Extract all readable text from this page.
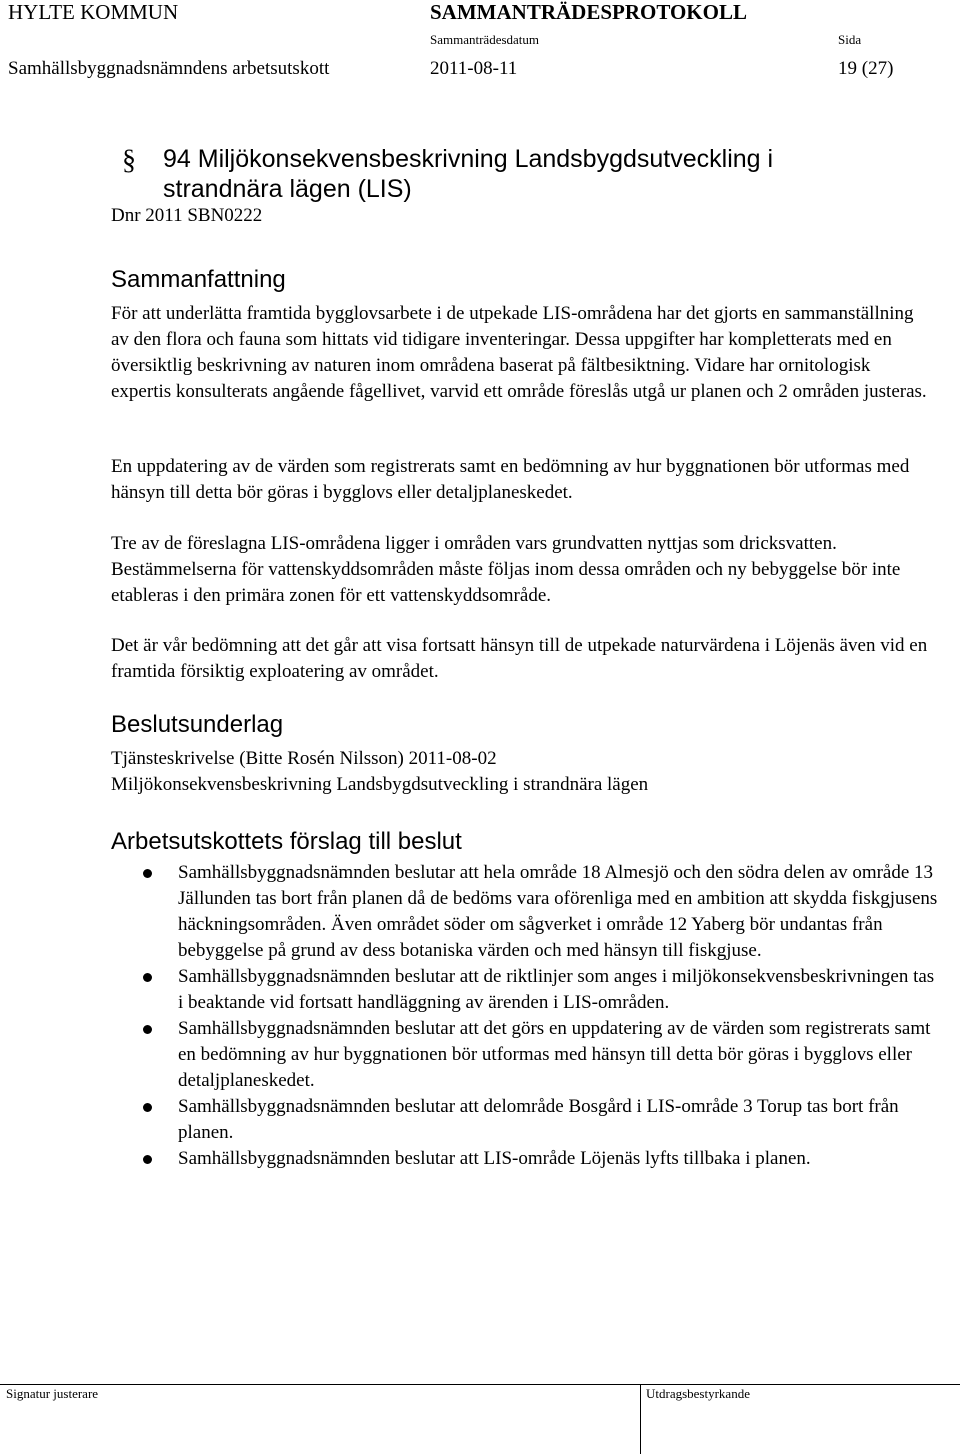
HYLTE KOMMUN	SAMMANTRÄDESPROTOKOLL
Sammanträdesdatum	Sida
Samhällsbyggnadsnämndens arbetsutskott	2011-08-11	19 (27)
§ 94 Miljökonsekvensbeskrivning Landsbygdsutveckling i strandnära lägen (LIS)
Dnr 2011 SBN0222
Sammanfattning
För att underlätta framtida bygglovsarbete i de utpekade LIS-områdena har det gjorts en sammanställning av den flora och fauna som hittats vid tidigare inventeringar. Dessa uppgifter har kompletterats med en översiktlig beskrivning av naturen inom områdena baserat på fältbesiktning. Vidare har ornitologisk expertis konsulterats angående fågellivet, varvid ett område föreslås utgå ur planen och 2 områden justeras.
En uppdatering av de värden som registrerats samt en bedömning av hur byggnationen bör utformas med hänsyn till detta bör göras i bygglovs eller detaljplaneskedet.
Tre av de föreslagna LIS-områdena ligger i områden vars grundvatten nyttjas som dricksvatten. Bestämmelserna för vattenskyddsområden måste följas inom dessa områden och ny bebyggelse bör inte etableras i den primära zonen för ett vattenskyddsområde.
Det är vår bedömning att det går att visa fortsatt hänsyn till de utpekade naturvärdena i Löjenäs även vid en framtida försiktig exploatering av området.
Beslutsunderlag
Tjänsteskrivelse (Bitte Rosén Nilsson) 2011-08-02
Miljökonsekvensbeskrivning Landsbygdsutveckling i strandnära lägen
Arbetsutskottets förslag till beslut
Samhällsbyggnadsnämnden beslutar att hela område 18 Almesjö och den södra delen av område 13 Jällunden tas bort från planen då de bedöms vara oförenliga med en ambition att skydda fiskgjusens häckningsområden. Även området söder om sågverket i område 12 Yaberg bör undantas från bebyggelse på grund av dess botaniska värden och med hänsyn till fiskgjuse.
Samhällsbyggnadsnämnden beslutar att de riktlinjer som anges i miljökonsekvensbeskrivningen tas i beaktande vid fortsatt handläggning av ärenden i LIS-områden.
Samhällsbyggnadsnämnden beslutar att det görs en uppdatering av de värden som registrerats samt en bedömning av hur byggnationen bör utformas med hänsyn till detta bör göras i bygglovs eller detaljplaneskedet.
Samhällsbyggnadsnämnden beslutar att delområde Bosgård i LIS-område 3 Torup tas bort från planen.
Samhällsbyggnadsnämnden beslutar att LIS-område Löjenäs lyfts tillbaka i planen.
Signatur justerare	Utdragsbestyrkande
